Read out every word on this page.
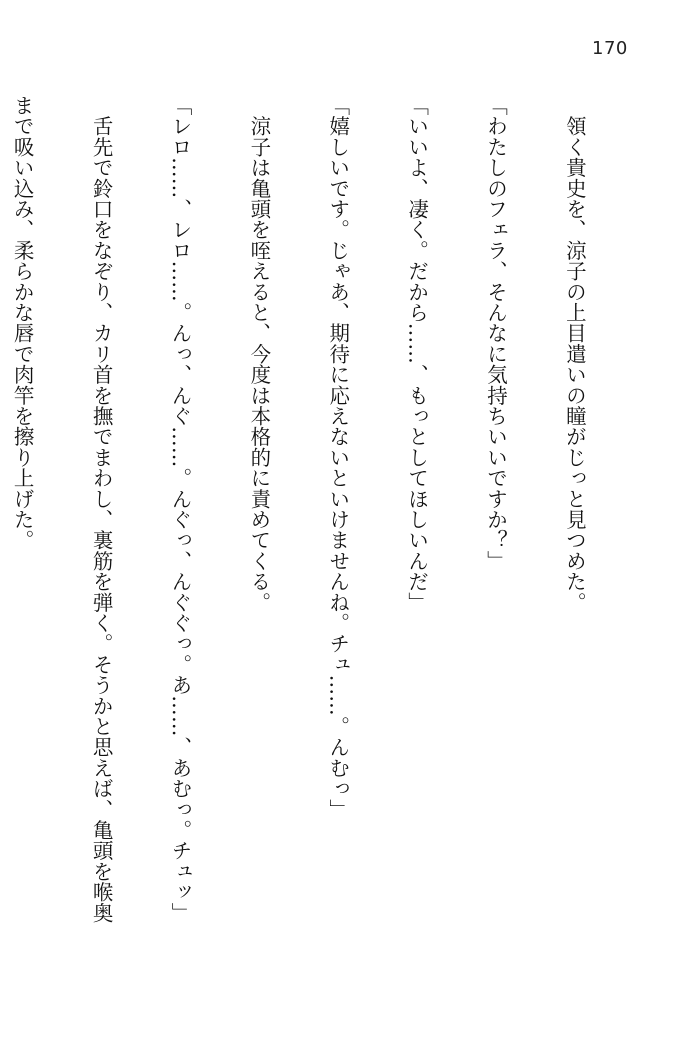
170

　領く貴史を、涼子の上目遣いの瞳がじっと見つめた。

「わたしのフェラ、そんなに気持ちいいですか？」

「いいよ、凄く。だから……、もっとしてほしいんだ」

「嬉しいです。じゃあ、期待に応えないといけませんね。チュ……。んむっ」

　涼子は亀頭を咥えると、今度は本格的に責めてくる。

「レロ……、レロ……。んっ、んぐ……。んぐっ、んぐぐっ。あ……、あむっ。チュッ」

　舌先で鈴口をなぞり、カリ首を撫でまわし、裏筋を弾く。そうかと思えば、亀頭を喉奥

まで吸い込み、柔らかな唇で肉竿を擦り上げた。
